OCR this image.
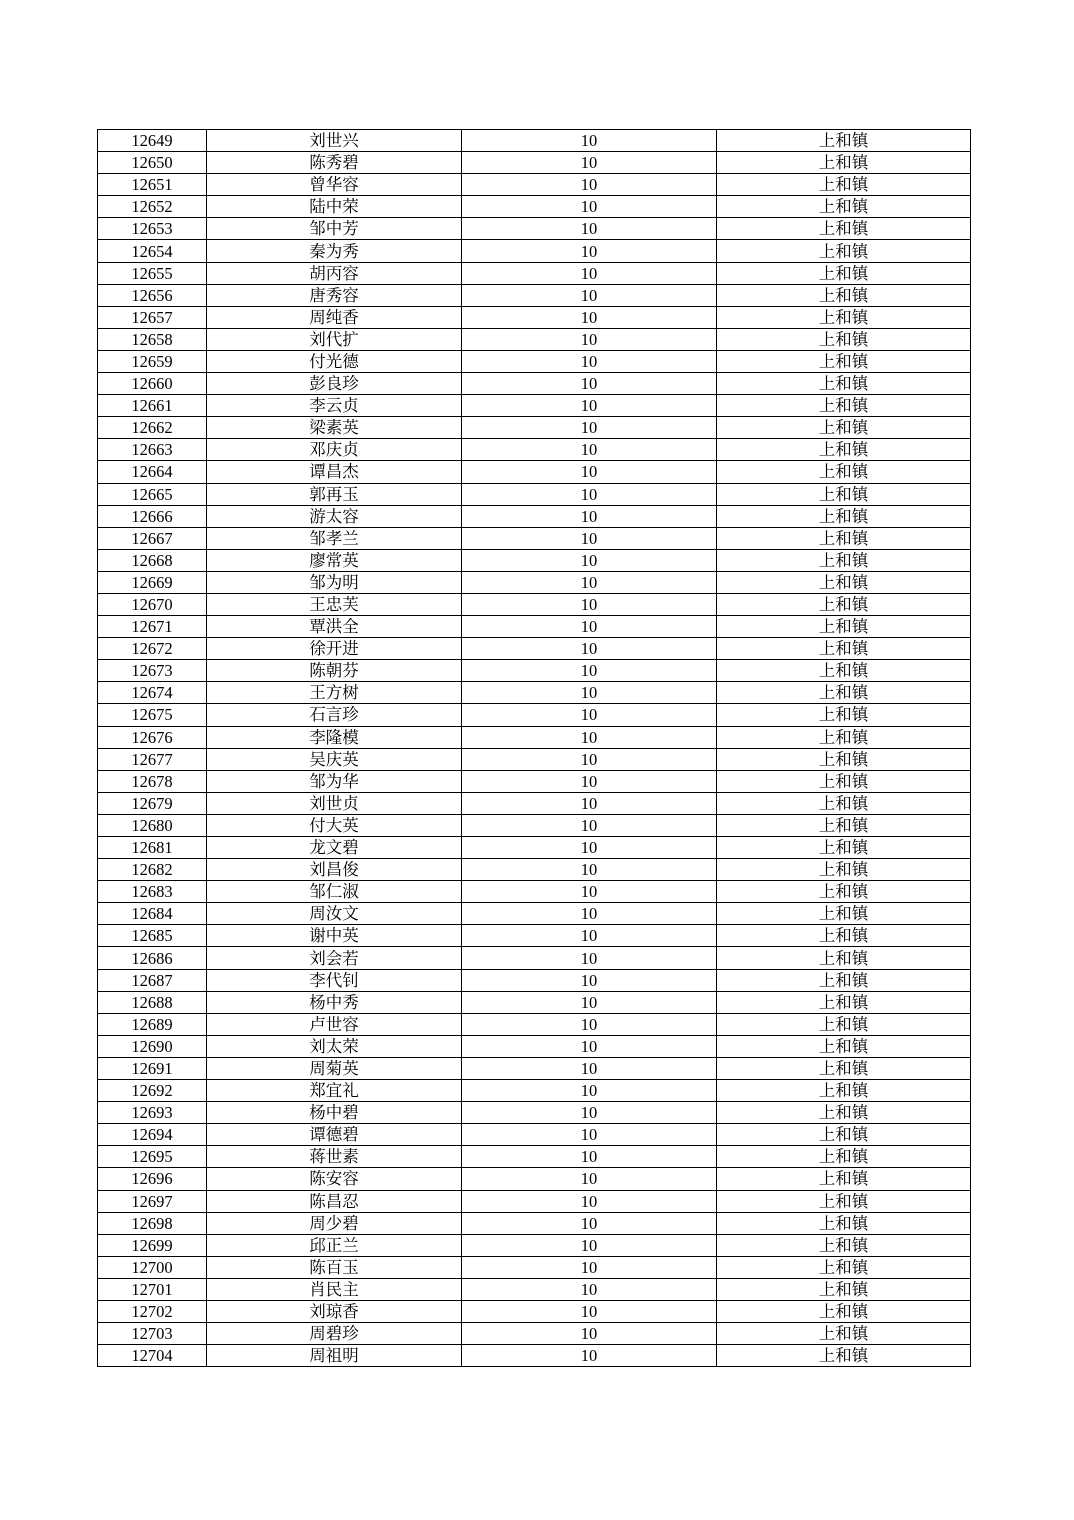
12649	刘世兴	10	上和镇
12650	陈秀碧	10	上和镇
12651	曾华容	10	上和镇
12652	陆中荣	10	上和镇
12653	邹中芳	10	上和镇
12654	秦为秀	10	上和镇
12655	胡丙容	10	上和镇
12656	唐秀容	10	上和镇
12657	周纯香	10	上和镇
12658	刘代扩	10	上和镇
12659	付光德	10	上和镇
12660	彭良珍	10	上和镇
12661	李云贞	10	上和镇
12662	梁素英	10	上和镇
12663	邓庆贞	10	上和镇
12664	谭昌杰	10	上和镇
12665	郭再玉	10	上和镇
12666	游太容	10	上和镇
12667	邹孝兰	10	上和镇
12668	廖常英	10	上和镇
12669	邹为明	10	上和镇
12670	王忠芙	10	上和镇
12671	覃洪全	10	上和镇
12672	徐开进	10	上和镇
12673	陈朝芬	10	上和镇
12674	王方树	10	上和镇
12675	石言珍	10	上和镇
12676	李隆模	10	上和镇
12677	吴庆英	10	上和镇
12678	邹为华	10	上和镇
12679	刘世贞	10	上和镇
12680	付大英	10	上和镇
12681	龙文碧	10	上和镇
12682	刘昌俊	10	上和镇
12683	邹仁淑	10	上和镇
12684	周汝文	10	上和镇
12685	谢中英	10	上和镇
12686	刘会若	10	上和镇
12687	李代钊	10	上和镇
12688	杨中秀	10	上和镇
12689	卢世容	10	上和镇
12690	刘太荣	10	上和镇
12691	周菊英	10	上和镇
12692	郑宜礼	10	上和镇
12693	杨中碧	10	上和镇
12694	谭德碧	10	上和镇
12695	蒋世素	10	上和镇
12696	陈安容	10	上和镇
12697	陈昌忍	10	上和镇
12698	周少碧	10	上和镇
12699	邱正兰	10	上和镇
12700	陈百玉	10	上和镇
12701	肖民主	10	上和镇
12702	刘琼香	10	上和镇
12703	周碧珍	10	上和镇
12704	周祖明	10	上和镇
